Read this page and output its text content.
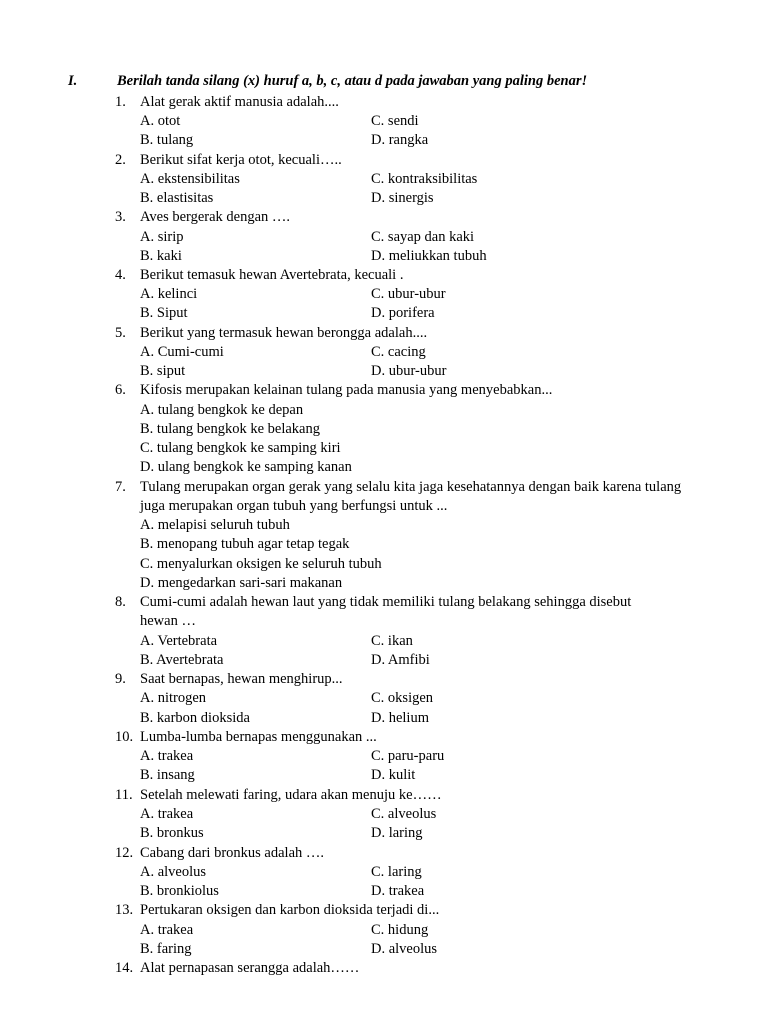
I.	Berilah tanda silang (x) huruf a, b, c, atau d pada jawaban yang paling benar!
1. Alat gerak aktif manusia adalah....
A. otot	C. sendi
B. tulang	D. rangka
2. Berikut sifat kerja otot, kecuali…..
A. ekstensibilitas	C. kontraksibilitas
B. elastisitas	D. sinergis
3. Aves bergerak dengan ….
A. sirip	C. sayap dan kaki
B. kaki	D. meliukkan tubuh
4. Berikut temasuk hewan Avertebrata, kecuali .
A. kelinci	C. ubur-ubur
B. Siput	D. porifera
5. Berikut yang termasuk hewan berongga adalah....
A. Cumi-cumi	C. cacing
B. siput	D. ubur-ubur
6. Kifosis merupakan kelainan tulang pada manusia yang menyebabkan...
A. tulang bengkok ke depan
B. tulang bengkok ke belakang
C. tulang bengkok ke samping kiri
D. ulang bengkok ke samping kanan
7. Tulang merupakan organ gerak yang selalu kita jaga kesehatannya dengan baik karena tulang
juga merupakan organ tubuh yang berfungsi untuk ...
A. melapisi seluruh tubuh
B. menopang tubuh agar tetap tegak
C. menyalurkan oksigen ke seluruh tubuh
D. mengedarkan sari-sari makanan
8. Cumi-cumi adalah hewan laut yang tidak memiliki tulang belakang sehingga disebut
hewan …
A. Vertebrata	C. ikan
B. Avertebrata	D. Amfibi
9. Saat bernapas, hewan menghirup...
A. nitrogen	C. oksigen
B. karbon dioksida	D. helium
10. Lumba-lumba bernapas menggunakan ...
A. trakea	C. paru-paru
B. insang	D. kulit
11. Setelah melewati faring, udara akan menuju ke……
A. trakea	C. alveolus
B. bronkus	D. laring
12. Cabang dari bronkus adalah ….
A. alveolus	C. laring
B. bronkiolus	D. trakea
13. Pertukaran oksigen dan karbon dioksida terjadi di...
A. trakea	C. hidung
B. faring	D. alveolus
14. Alat pernapasan serangga adalah……
